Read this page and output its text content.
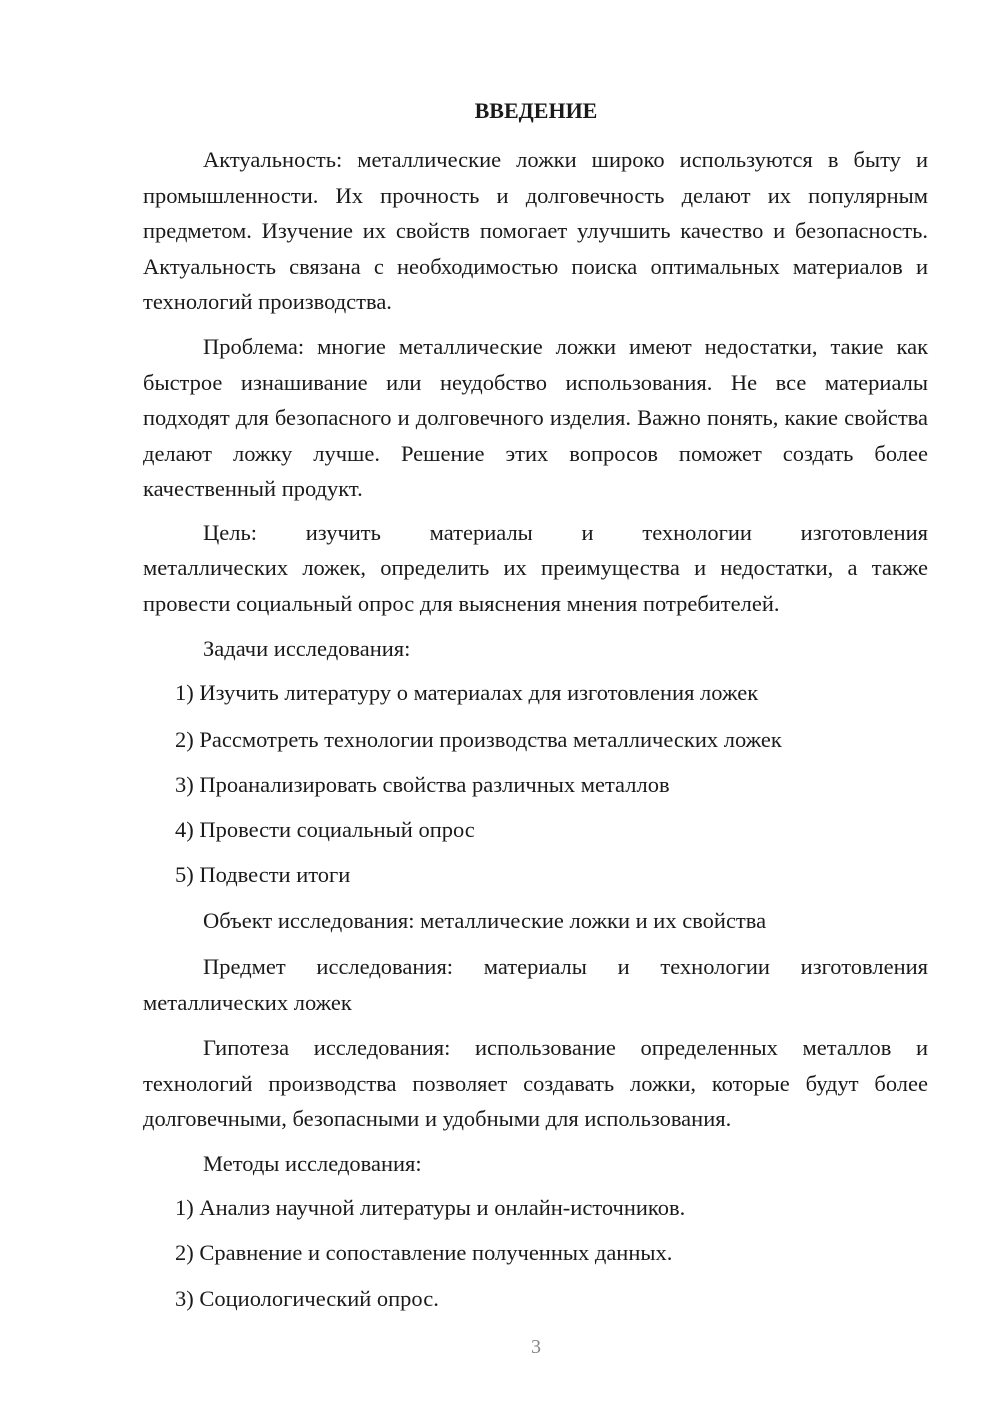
ВВЕДЕНИЕ

Актуальность: металлические ложки широко используются в быту и промышленности. Их прочность и долговечность делают их популярным предметом. Изучение их свойств помогает улучшить качество и безопасность. Актуальность связана с необходимостью поиска оптимальных материалов и технологий производства.

Проблема: многие металлические ложки имеют недостатки, такие как быстрое изнашивание или неудобство использования. Не все материалы подходят для безопасного и долговечного изделия. Важно понять, какие свойства делают ложку лучше. Решение этих вопросов поможет создать более качественный продукт.

Цель: изучить материалы и технологии изготовления

металлических ложек, определить их преимущества и недостатки, а также провести социальный опрос для выяснения мнения потребителей.

Задачи исследования:

1) Изучить литературу о материалах для изготовления ложек

2) Рассмотреть технологии производства металлических ложек

3) Проанализировать свойства различных металлов

4) Провести социальный опрос

5) Подвести итоги

Объект исследования: металлические ложки и их свойства

Предмет исследования: материалы и технологии изготовления металлических ложек

Гипотеза исследования: использование определенных металлов и технологий производства позволяет создавать ложки, которые будут более долговечными, безопасными и удобными для использования.

Методы исследования:

1) Анализ научной литературы и онлайн-источников.

2) Сравнение и сопоставление полученных данных.

3) Социологический опрос.

3
